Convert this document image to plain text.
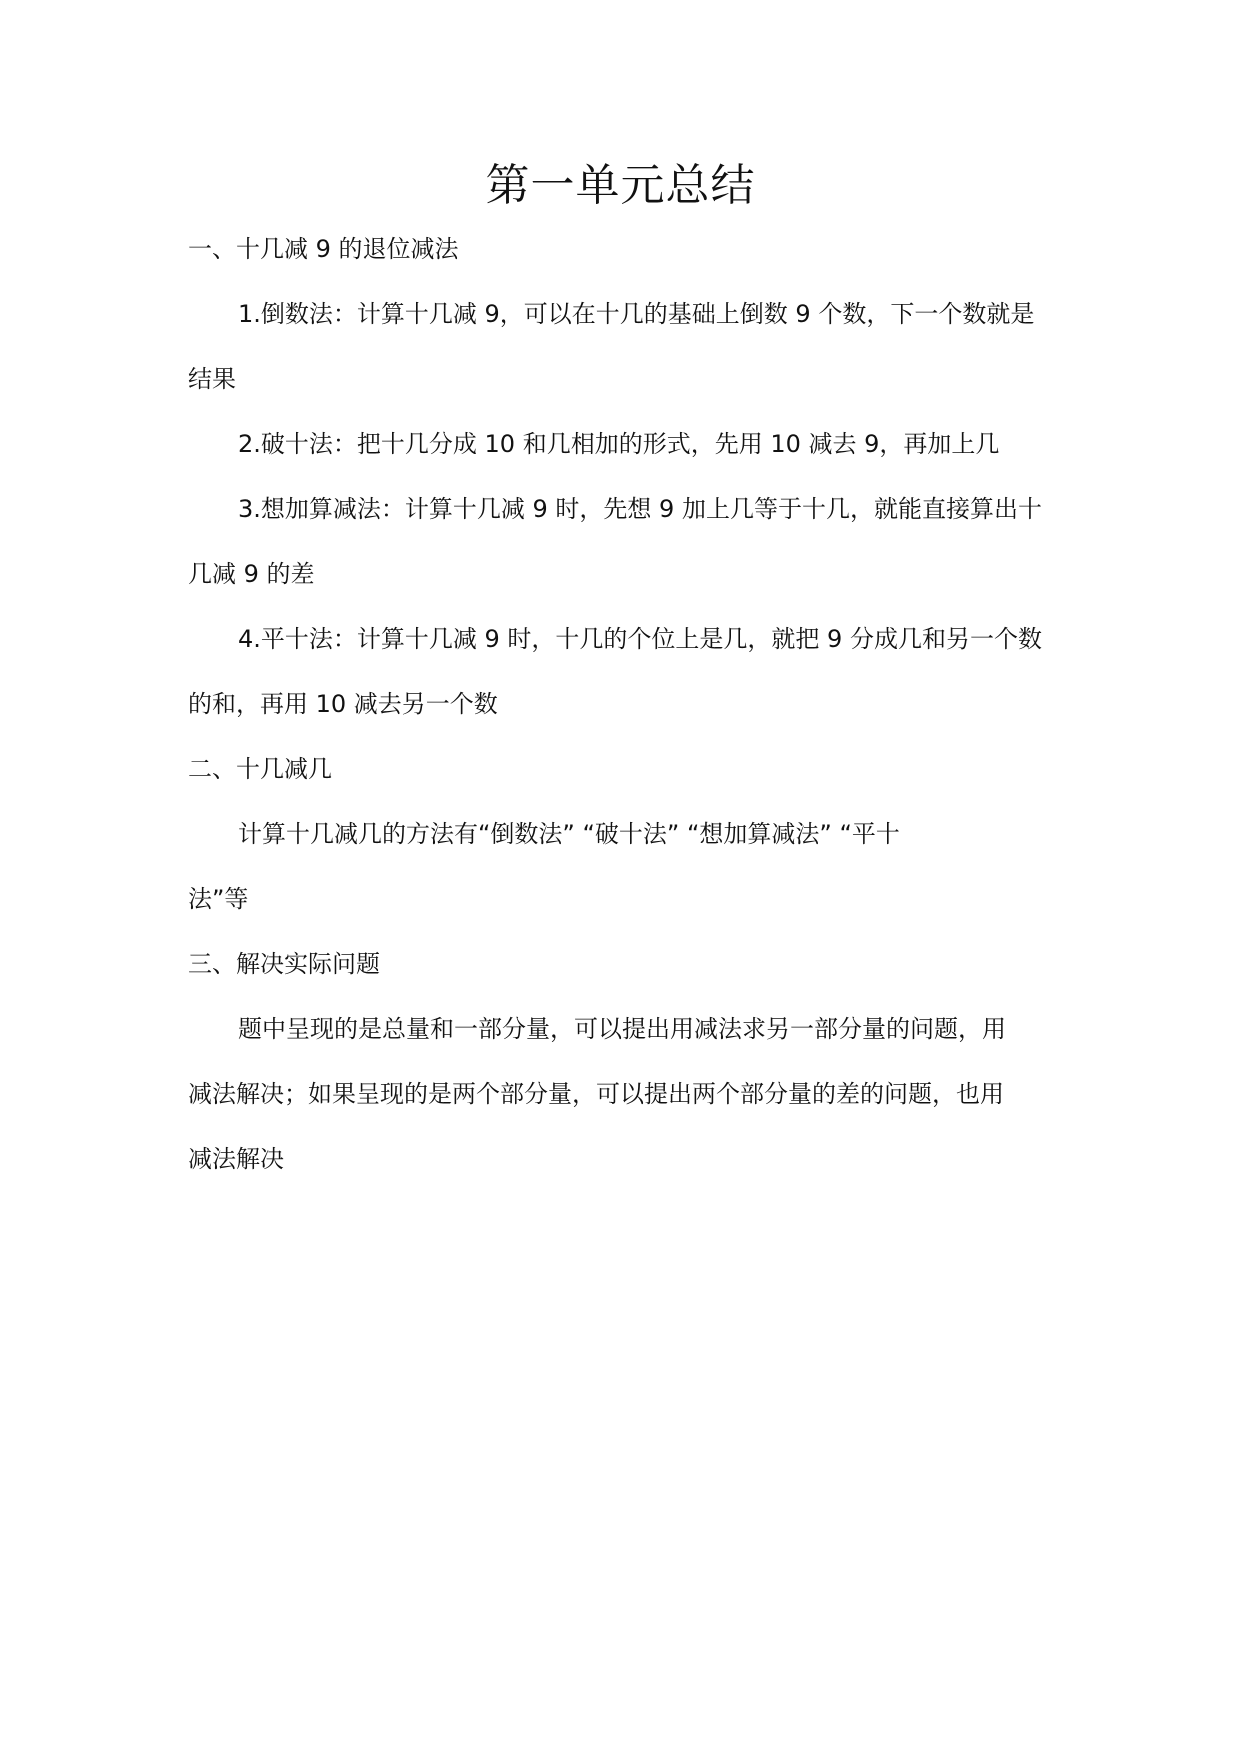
第一单元总结
一、十几减 9 的退位减法
1.倒数法：计算十几减 9，可以在十几的基础上倒数 9 个数，下一个数就是
结果
2.破十法：把十几分成 10 和几相加的形式，先用 10 减去 9，再加上几
3.想加算减法：计算十几减 9 时，先想 9 加上几等于十几，就能直接算出十
几减 9 的差
4.平十法：计算十几减 9 时，十几的个位上是几，就把 9 分成几和另一个数
的和，再用 10 减去另一个数
二、十几减几
计算十几减几的方法有“倒数法” “破十法” “想加算减法” “平十
法”等
三、解决实际问题
题中呈现的是总量和一部分量，可以提出用减法求另一部分量的问题，用
减法解决；如果呈现的是两个部分量，可以提出两个部分量的差的问题，也用
减法解决
